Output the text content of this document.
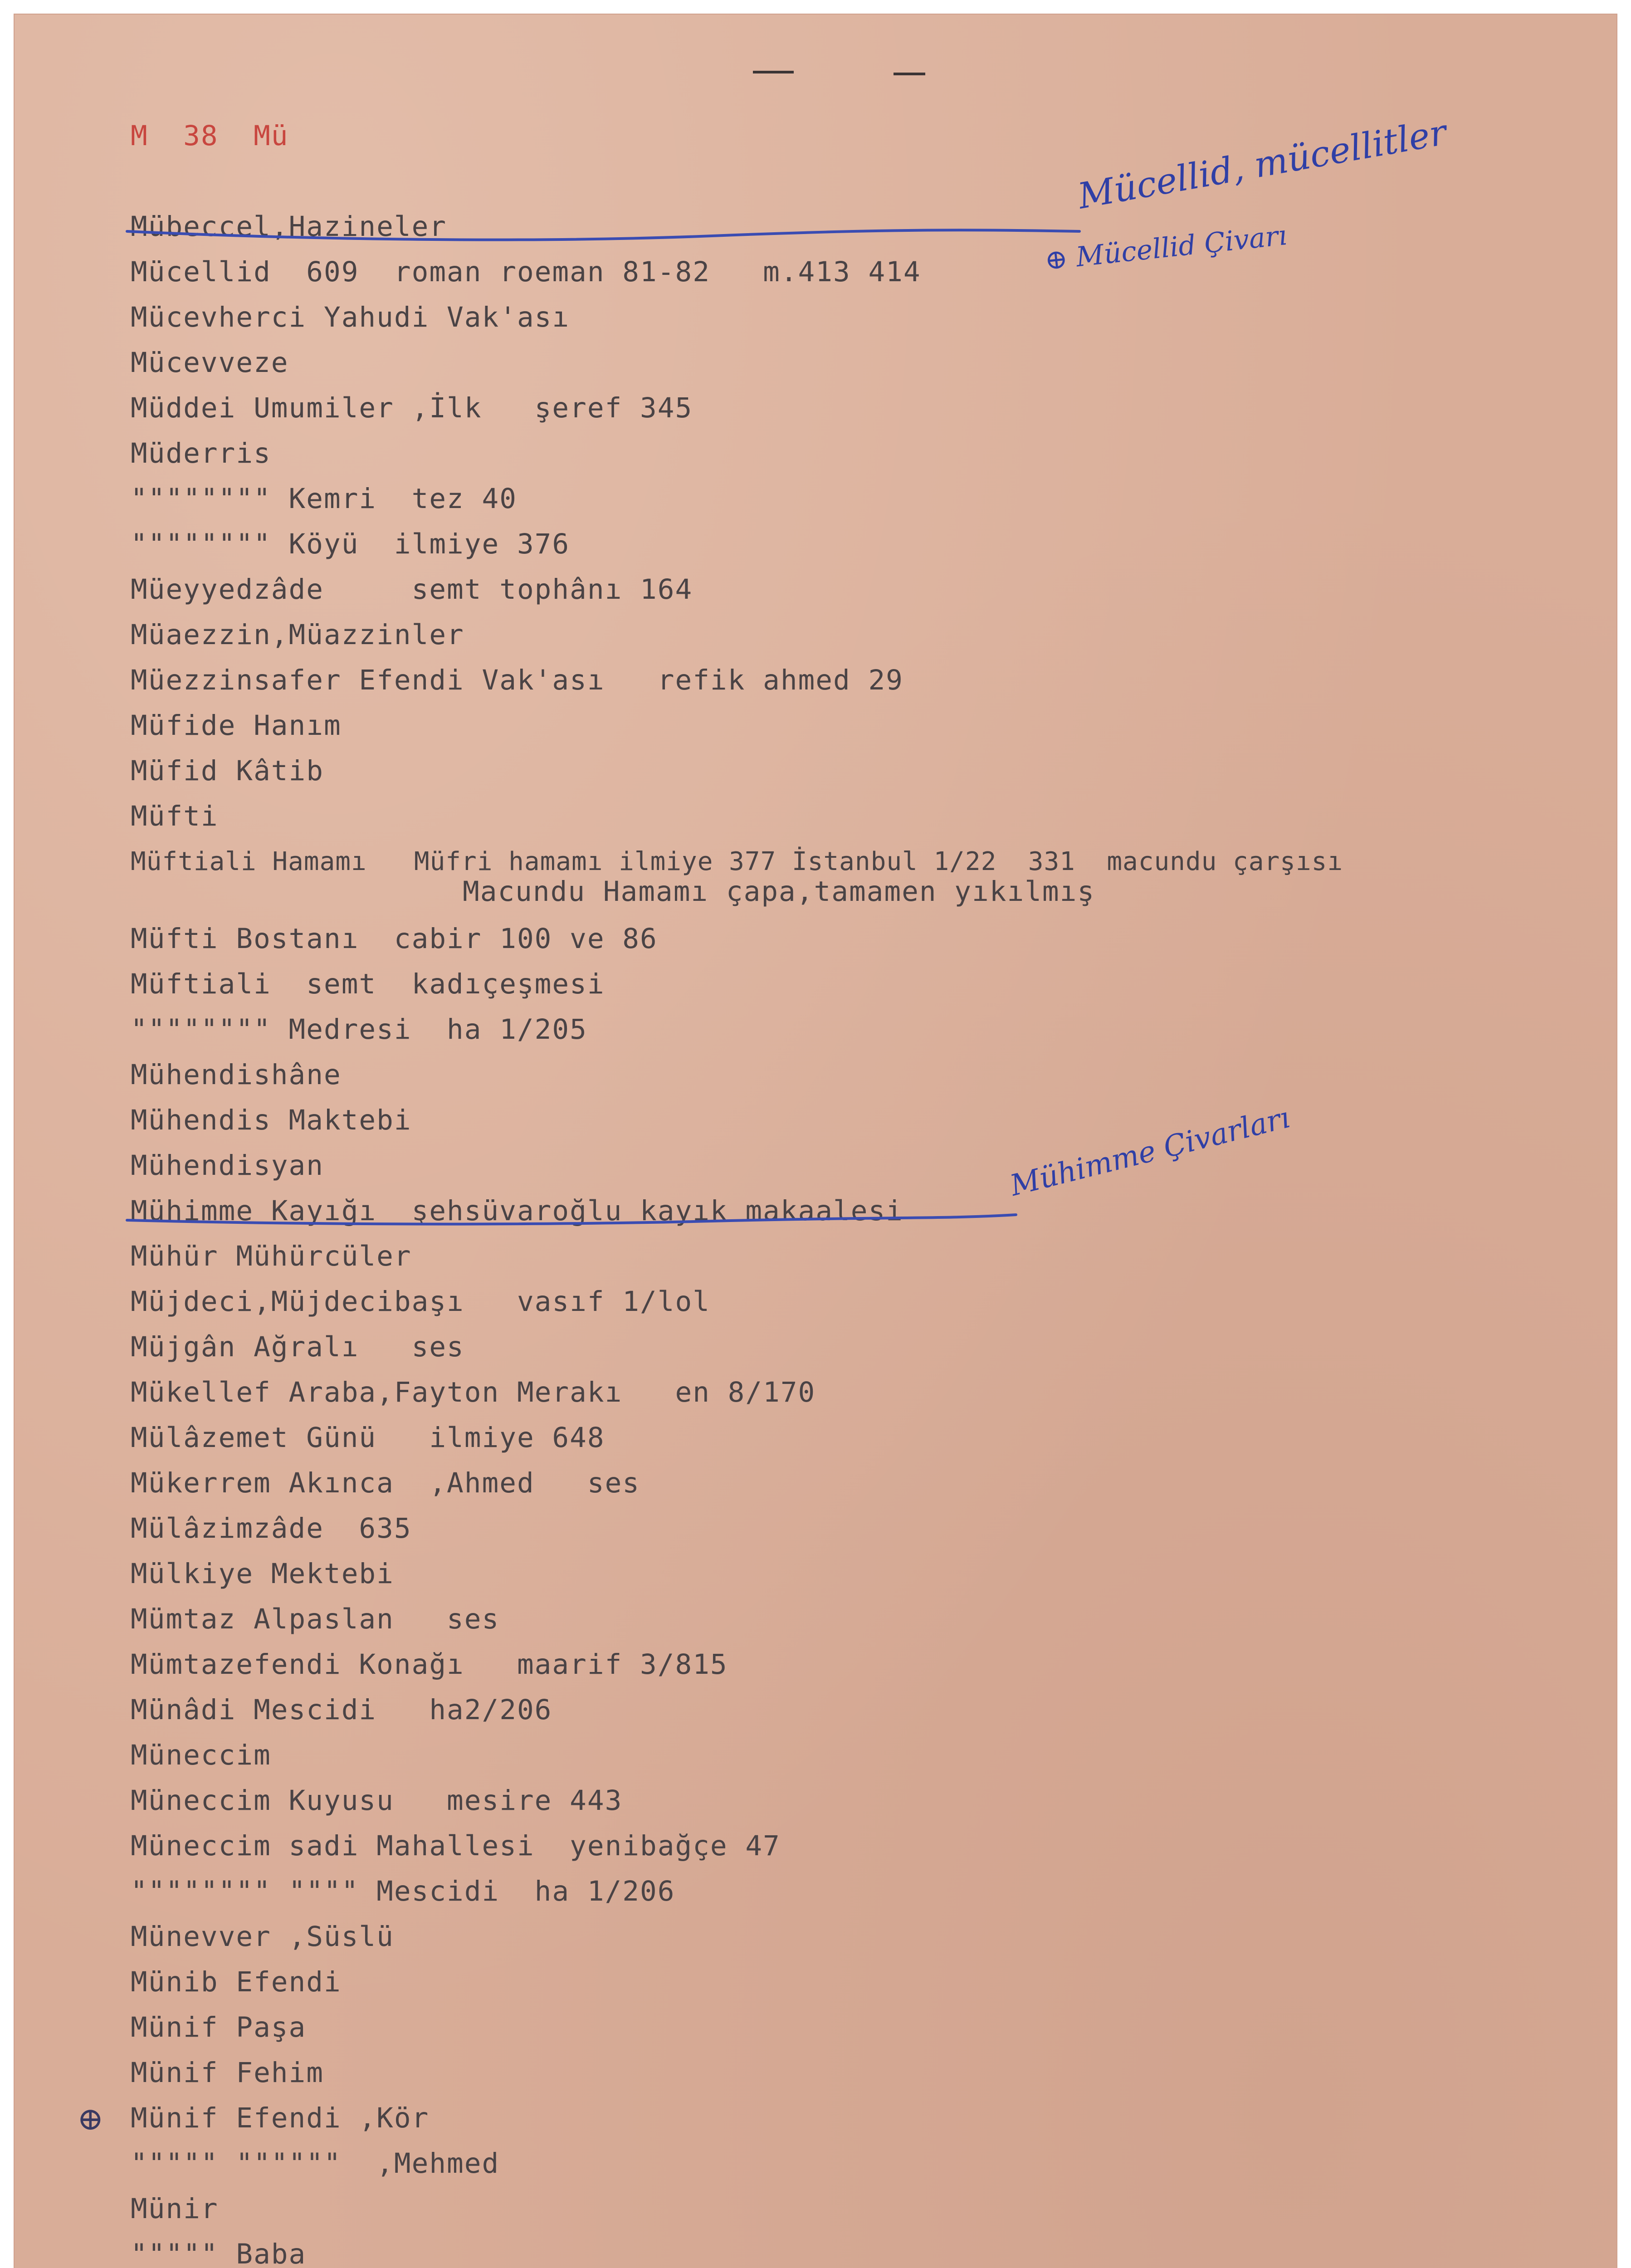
M  38  Mü

Mübeccel,Hazineler

Mücellid  609  roman roeman 81-82   m.413 414

Mücevherci Yahudi Vak'ası

Mücevveze

Müddei Umumiler ,İlk   şeref 345

Müderris

"""""""" Kemri  tez 40

"""""""" Köyü  ilmiye 376

Müeyyedzâde     semt tophânı 164

Müaezzin,Müazzinler

Müezzinsafer Efendi Vak'ası   refik ahmed 29

Müfide Hanım

Müfid Kâtib

Müfti

Müftiali Hamamı   Müfri hamamı ilmiye 377 İstanbul 1/22  331  macundu çarşısı

Macundu Hamamı çapa,tamamen yıkılmış

Müfti Bostanı  cabir 100 ve 86

Müftiali  semt  kadıçeşmesi

"""""""" Medresi  ha 1/205

Mühendishâne

Mühendis Maktebi

Mühendisyan

Mühimme Kayığı  şehsüvaroğlu kayık makaalesi

Mühür Mühürcüler

Müjdeci,Müjdecibaşı   vasıf 1/lol

Müjgân Ağralı   ses

Mükellef Araba,Fayton Merakı   en 8/170

Mülâzemet Günü   ilmiye 648

Mükerrem Akınca  ,Ahmed   ses

Mülâzimzâde  635

Mülkiye Mektebi

Mümtaz Alpaslan   ses

Mümtazefendi Konağı   maarif 3/815

Münâdi Mescidi   ha2/206

Müneccim

Müneccim Kuyusu   mesire 443

Müneccim sadi Mahallesi  yenibağçe 47

"""""""" """" Mescidi  ha 1/206

Münevver ,Süslü

Münib Efendi

Münif Paşa

Münif Fehim

Münif Efendi ,Kör

""""" """"""  ,Mehmed

Münir

""""" Baba

Mücellid, mücellitler

⊕ Mücellid Çivarı

Mühimme Çivarları

⊕
